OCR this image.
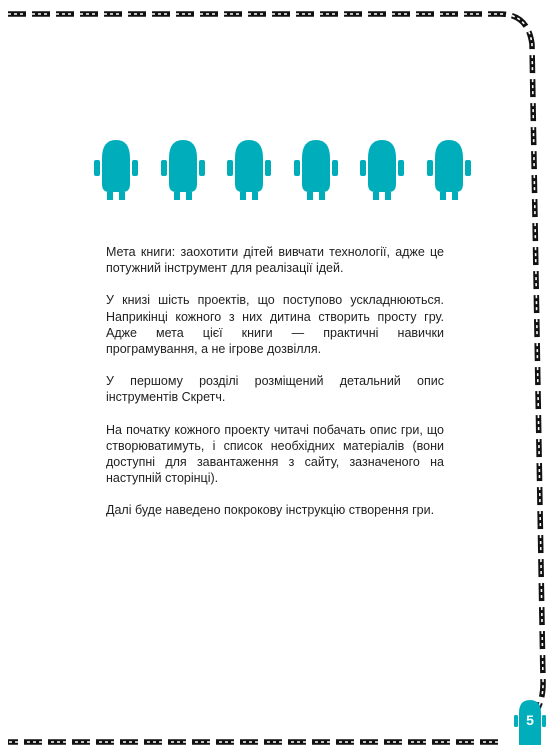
Мета книги: заохотити дітей вивчати технології, адже це потужний інструмент для реалізації ідей.

У книзі шість проектів, що поступово ускладнюються. Наприкінці кожного з них дитина створить просту гру. Адже мета цієї книги — практичні навички програмування, а не ігрове дозвілля.

У першому розділі розміщений детальний опис інструментів Скретч.

На початку кожного проекту читачі побачать опис гри, що створюватимуть, і список необхідних матеріалів (вони доступні для завантаження з сайту, зазначеного на наступній сторінці).

Далі буде наведено покрокову інструкцію створення гри.

5
